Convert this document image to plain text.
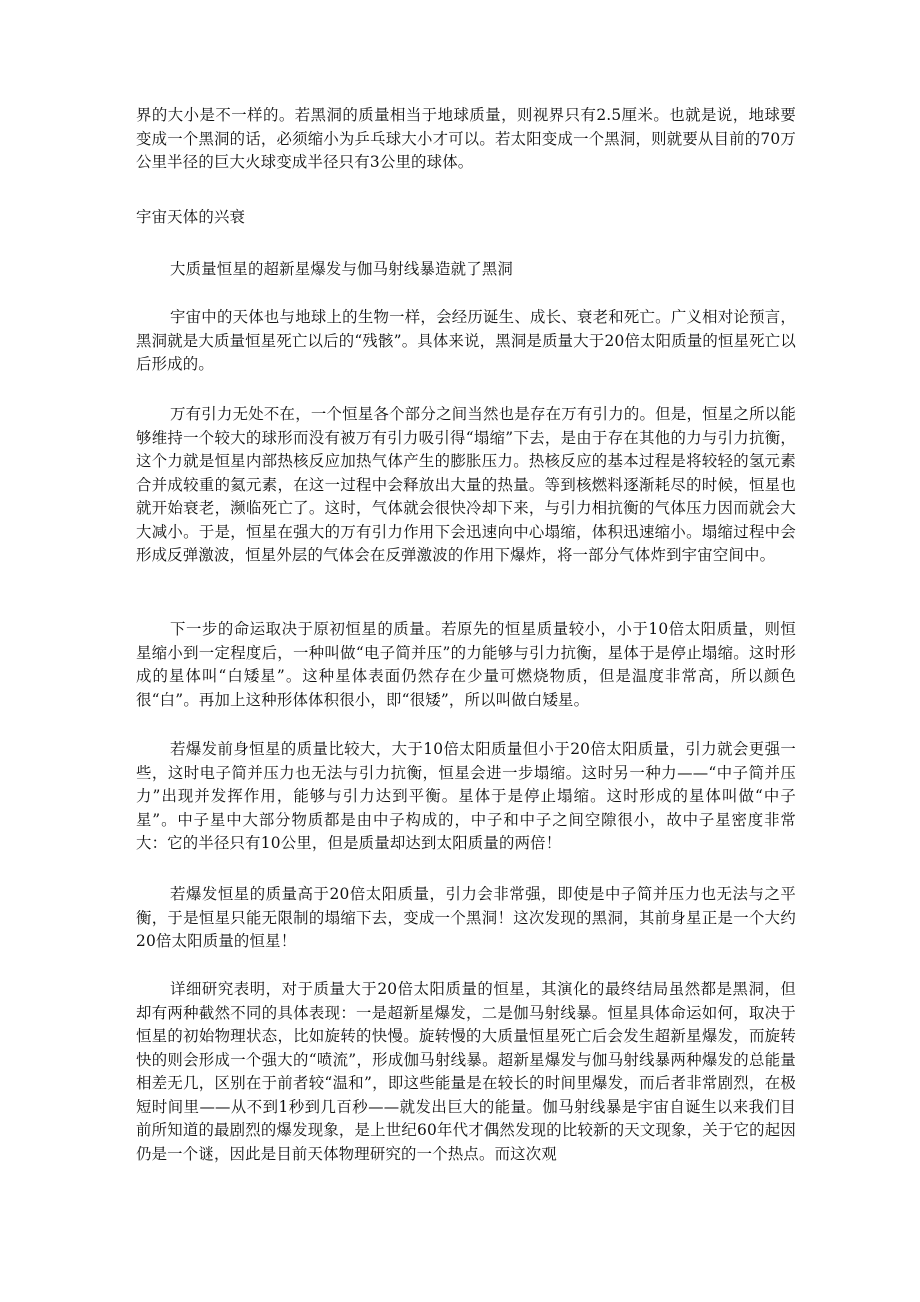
界的大小是不一样的。若黑洞的质量相当于地球质量，则视界只有2.5厘米。也就是说，地球要变成一个黑洞的话，必须缩小为乒乓球大小才可以。若太阳变成一个黑洞，则就要从目前的70万公里半径的巨大火球变成半径只有3公里的球体。

宇宙天体的兴衰

大质量恒星的超新星爆发与伽马射线暴造就了黑洞

宇宙中的天体也与地球上的生物一样，会经历诞生、成长、衰老和死亡。广义相对论预言，黑洞就是大质量恒星死亡以后的“残骸”。具体来说，黑洞是质量大于20倍太阳质量的恒星死亡以后形成的。

万有引力无处不在，一个恒星各个部分之间当然也是存在万有引力的。但是，恒星之所以能够维持一个较大的球形而没有被万有引力吸引得“塌缩”下去，是由于存在其他的力与引力抗衡，这个力就是恒星内部热核反应加热气体产生的膨胀压力。热核反应的基本过程是将较轻的氢元素合并成较重的氦元素，在这一过程中会释放出大量的热量。等到核燃料逐渐耗尽的时候，恒星也就开始衰老，濒临死亡了。这时，气体就会很快冷却下来，与引力相抗衡的气体压力因而就会大大减小。于是，恒星在强大的万有引力作用下会迅速向中心塌缩，体积迅速缩小。塌缩过程中会形成反弹激波，恒星外层的气体会在反弹激波的作用下爆炸，将一部分气体炸到宇宙空间中。

下一步的命运取决于原初恒星的质量。若原先的恒星质量较小，小于10倍太阳质量，则恒星缩小到一定程度后，一种叫做“电子简并压”的力能够与引力抗衡，星体于是停止塌缩。这时形成的星体叫“白矮星”。这种星体表面仍然存在少量可燃烧物质，但是温度非常高，所以颜色很“白”。再加上这种形体体积很小，即“很矮”，所以叫做白矮星。

若爆发前身恒星的质量比较大，大于10倍太阳质量但小于20倍太阳质量，引力就会更强一些，这时电子简并压力也无法与引力抗衡，恒星会进一步塌缩。这时另一种力——“中子简并压力”出现并发挥作用，能够与引力达到平衡。星体于是停止塌缩。这时形成的星体叫做“中子星”。中子星中大部分物质都是由中子构成的，中子和中子之间空隙很小，故中子星密度非常大：它的半径只有10公里，但是质量却达到太阳质量的两倍！

若爆发恒星的质量高于20倍太阳质量，引力会非常强，即使是中子简并压力也无法与之平衡，于是恒星只能无限制的塌缩下去，变成一个黑洞！这次发现的黑洞，其前身星正是一个大约20倍太阳质量的恒星！

详细研究表明，对于质量大于20倍太阳质量的恒星，其演化的最终结局虽然都是黑洞，但却有两种截然不同的具体表现：一是超新星爆发，二是伽马射线暴。恒星具体命运如何，取决于恒星的初始物理状态，比如旋转的快慢。旋转慢的大质量恒星死亡后会发生超新星爆发，而旋转快的则会形成一个强大的“喷流”，形成伽马射线暴。超新星爆发与伽马射线暴两种爆发的总能量相差无几，区别在于前者较“温和”，即这些能量是在较长的时间里爆发，而后者非常剧烈，在极短时间里——从不到1秒到几百秒——就发出巨大的能量。伽马射线暴是宇宙自诞生以来我们目前所知道的最剧烈的爆发现象，是上世纪60年代才偶然发现的比较新的天文现象，关于它的起因仍是一个谜，因此是目前天体物理研究的一个热点。而这次观
